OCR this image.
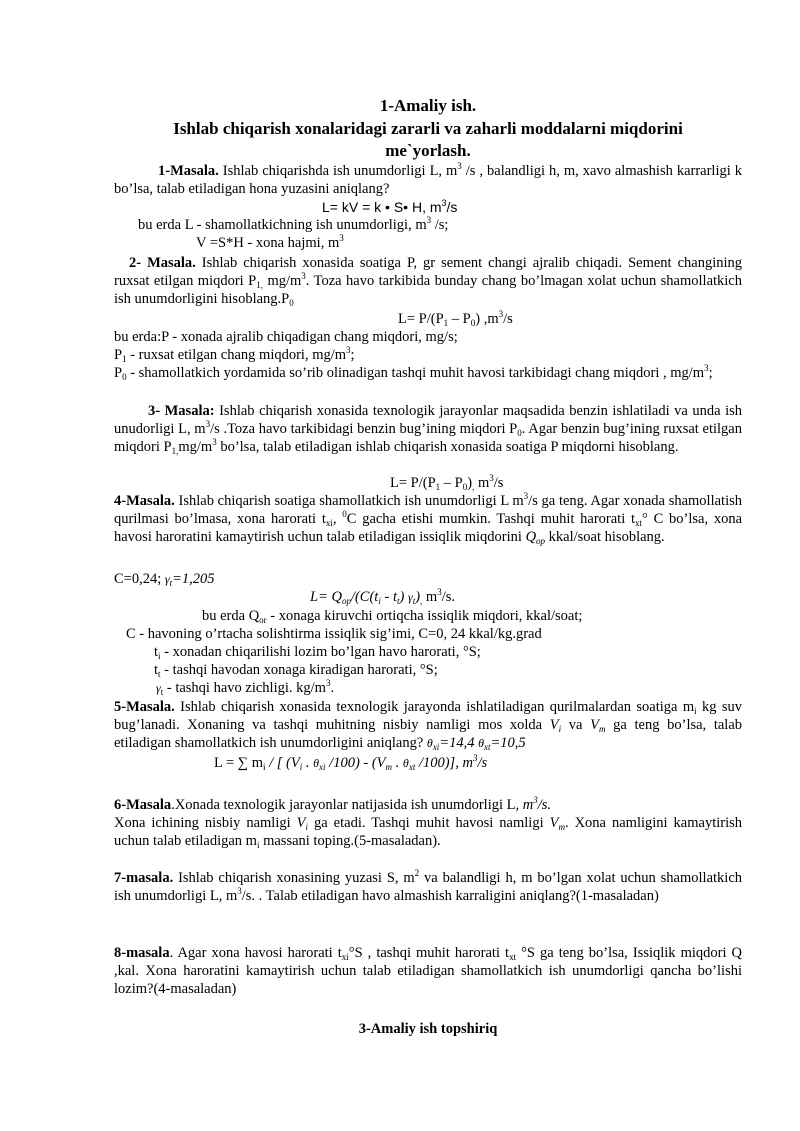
1-Amaliy ish.
Ishlab chiqarish xonalaridagi zararli va zaharli moddalarni miqdorini
me`yorlash.
1-Masala. Ishlab chiqarishda ish unumdorligi L, $m^3$ /s , balandligi h, m, xavo almashish karrarligi k bo’lsa, talab etiladigan hona yuzasini aniqlang?
L= kV = k • S• H, $m^3/s$
bu erda L - shamollatkichning ish unumdorligi, $m^3$ /s;
V =S*H - xona hajmi, $m^3$
2- Masala. Ishlab chiqarish xonasida soatiga P, gr sement changi ajralib chiqadi. Sement changining ruxsat etilgan miqdori $P_{1,}$ $mg/m^3$. Toza havo tarkibida bunday chang bo’lmagan xolat uchun shamollatkich ish unumdorligini $hisoblang.P_0$
$L= P/(P_1 - P_0)$ $,m^3/s$
bu erda:P - xonada ajralib chiqadigan chang miqdori, mg/s;
$P_1$ - ruxsat etilgan chang miqdori, $mg/m^3$;
$P_0$ - shamollatkich yordamida so’rib olinadigan tashqi muhit havosi tarkibidagi chang miqdori , $mg/m^3$;
3- Masala: Ishlab chiqarish xonasida texnologik jarayonlar maqsadida benzin ishlatiladi va unda ish unudorligi L, $m^3/s$ .Toza havo tarkibidagi benzin bug’ining miqdori $P_0$. Agar benzin bug’ining ruxsat etilgan miqdori $P_{1,}mg/m^3$ bo’lsa, talab etiladigan ishlab chiqarish xonasida soatiga P miqdorni hisoblang.
$L= P/(P_1 - P_0)_,$ $m^3/s$
4-Masala. Ishlab chiqarish soatiga shamollatkich ish unumdorligi L $m^3/s$ ga teng. Agar xonada shamollatish qurilmasi bo’lmasa, xona harorati $t_{xi}$, $^0$C gacha etishi mumkin. Tashqi muhit harorati $t_{xt}^\circ$ C bo’lsa, xona havosi haroratini kamaytirish uchun talab etiladigan issiqlik miqdorini $Q_{op}$ kkal/soat hisoblang.
C=0,24; $\gamma_t=1,205$
$L= Q_{op}/(C(t_i - t_t)$ $\gamma_t)_,$ $m^3/s$.
bu erda $Q_{or}$ - xonaga kiruvchi ortiqcha issiqlik miqdori, kkal/soat;
C - havoning o’rtacha solishtirma issiqlik sig’imi, C=0, 24 kkal/kg.grad
$t_i$ - xonadan chiqarilishi lozim bo’lgan havo harorati, °S;
$t_t$ - tashqi havodan xonaga kiradigan harorati, °S;
$\gamma_t$ - tashqi havo zichligi. $kg/m^3$.
5-Masala. Ishlab chiqarish xonasida texnologik jarayonda ishlatiladigan qurilmalardan soatiga $m_i$ kg suv bug’lanadi. Xonaning va tashqi muhitning nisbiy namligi mos xolda $V_i$ va $V_m$ ga teng bo’lsa, talab etiladigan shamollatkich ish unumdorligini aniqlang? $\theta_{xi}=14,4$ $\theta_{xt}=10,5$
L = ∑ $m_i$ / [ ($V_i$ . $\theta_{xi}$ $/100) - (V_m$ . $\theta_{xt}$ /100)], $m^3/s$
6-Masala.Xonada texnologik jarayonlar natijasida ish unumdorligi L, $m^3/s$.
Xona ichining nisbiy namligi $V_i$ ga etadi. Tashqi muhit havosi namligi $V_m$. Xona namligini kamaytirish uchun talab etiladigan $m_i$ massani toping.(5-masaladan).
7-masala. Ishlab chiqarish xonasining yuzasi S, $m^2$ va balandligi h, m bo’lgan xolat uchun shamollatkich ish unumdorligi L, $m^3/s$. . Talab etiladigan havo almashish karraligini aniqlang?(1-masaladan)
8-masala. Agar xona havosi harorati $t_{xi}^\circ S$ , tashqi muhit harorati $t_{xt}$ °S ga teng bo’lsa, Issiqlik miqdori Q ,kal. Xona haroratini kamaytirish uchun talab etiladigan shamollatkich ish unumdorligi qancha bo’lishi lozim?(4-masaladan)
3-Amaliy ish topshiriq
